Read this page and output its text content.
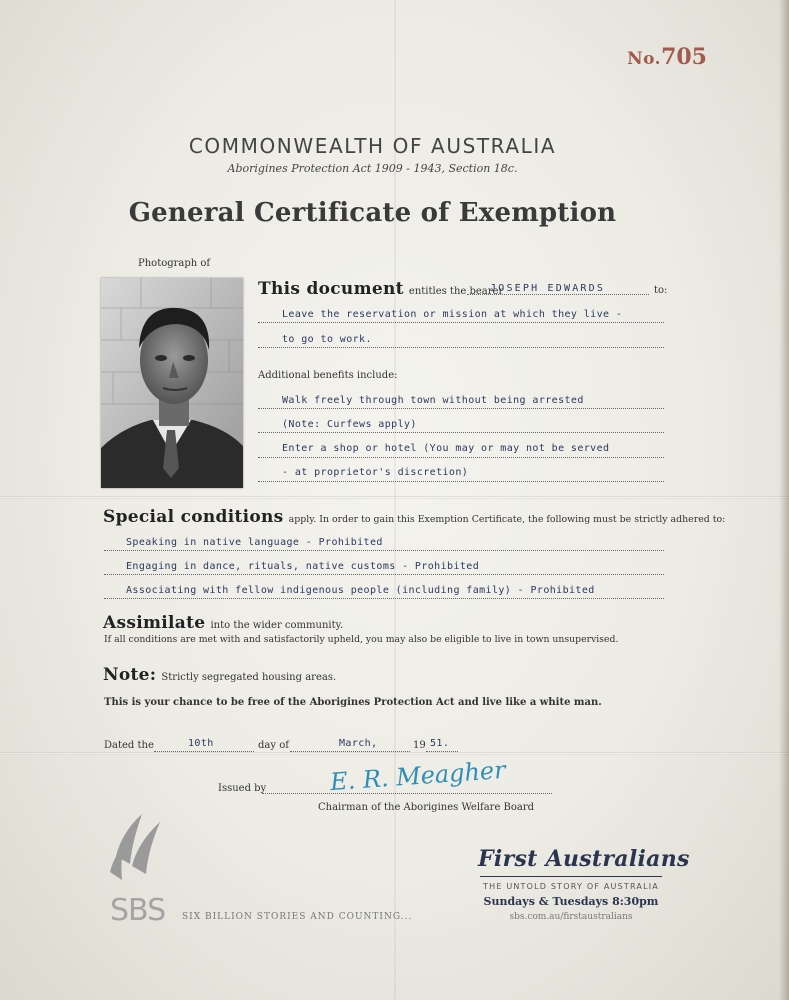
No.705
COMMONWEALTH OF AUSTRALIA
Aborigines Protection Act 1909 - 1943, Section 18c.
General Certificate of Exemption
Photograph of
This document entitles the bearer
JOSEPH EDWARDS	to:
Leave the reservation or mission at which they live -
to go to work.
Additional benefits include:
Walk freely through town without being arrested
(Note: Curfews apply)
Enter a shop or hotel (You may or may not be served
- at proprietor's discretion)
Special conditions apply. In order to gain this Exemption Certificate, the following must be strictly adhered to:
Speaking in native language - Prohibited
Engaging in dance, rituals, native customs - Prohibited
Associating with fellow indigenous people (including family) - Prohibited
Assimilate into the wider community.
If all conditions are met with and satisfactorily upheld, you may also be eligible to live in town unsupervised.
Note: Strictly segregated housing areas.
This is your chance to be free of the Aborigines Protection Act and live like a white man.
Dated the	10th	day of	March,	19 51.
Issued by	E. R. Meagher
Chairman of the Aborigines Welfare Board
SBS SIX BILLION STORIES AND COUNTING...
First Australians
THE UNTOLD STORY OF AUSTRALIA
Sundays & Tuesdays 8:30pm
sbs.com.au/firstaustralians
